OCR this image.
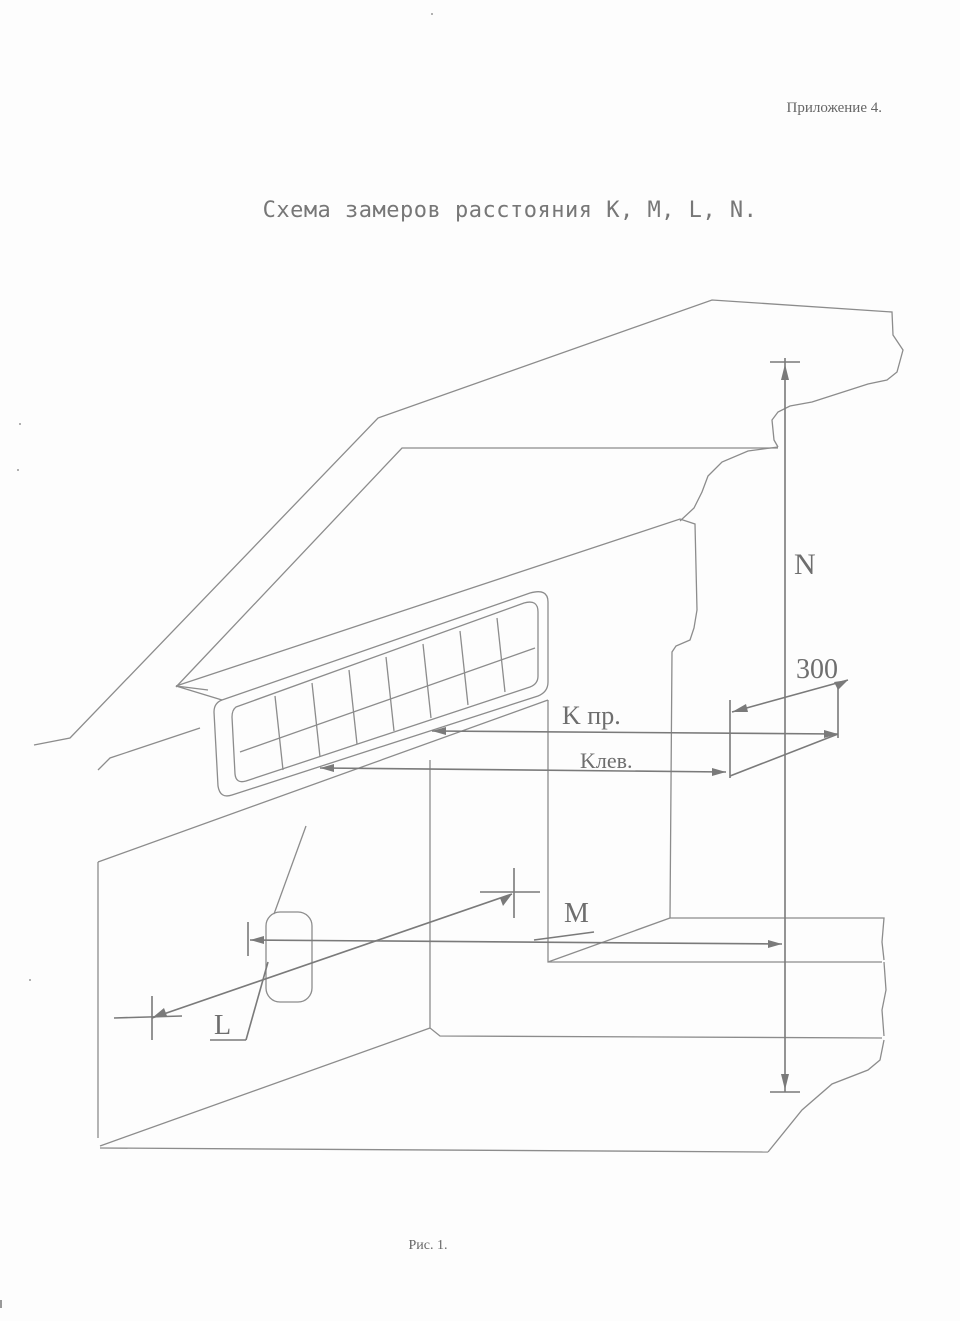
Приложение 4.
Схема замеров расстояния K, M, L, N.
N
300
K пр.
Kлев.
M
L
Рис. 1.
